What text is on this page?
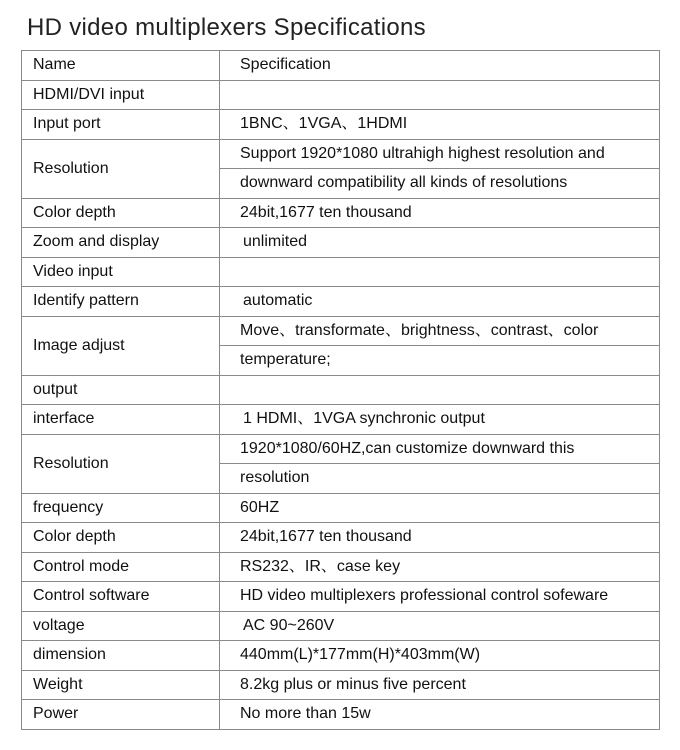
HD video multiplexers Specifications
Name	Specification
HDMI/DVI input	
Input port	1BNC、1VGA、1HDMI
Resolution	Support 1920*1080 ultrahigh highest resolution and
	downward compatibility all kinds of resolutions
Color depth	24bit,1677 ten thousand
Zoom and display	unlimited
Video input	
Identify pattern	automatic
Image adjust	Move、transformate、brightness、contrast、color
	temperature;
output	
interface	1 HDMI、1VGA synchronic output
Resolution	1920*1080/60HZ,can customize downward this
	resolution
frequency	60HZ
Color depth	24bit,1677 ten thousand
Control mode	RS232、IR、case key
Control software	HD video multiplexers professional control sofeware
voltage	AC 90~260V
dimension	440mm(L)*177mm(H)*403mm(W)
Weight	8.2kg plus or minus five percent
Power	No more than 15w
